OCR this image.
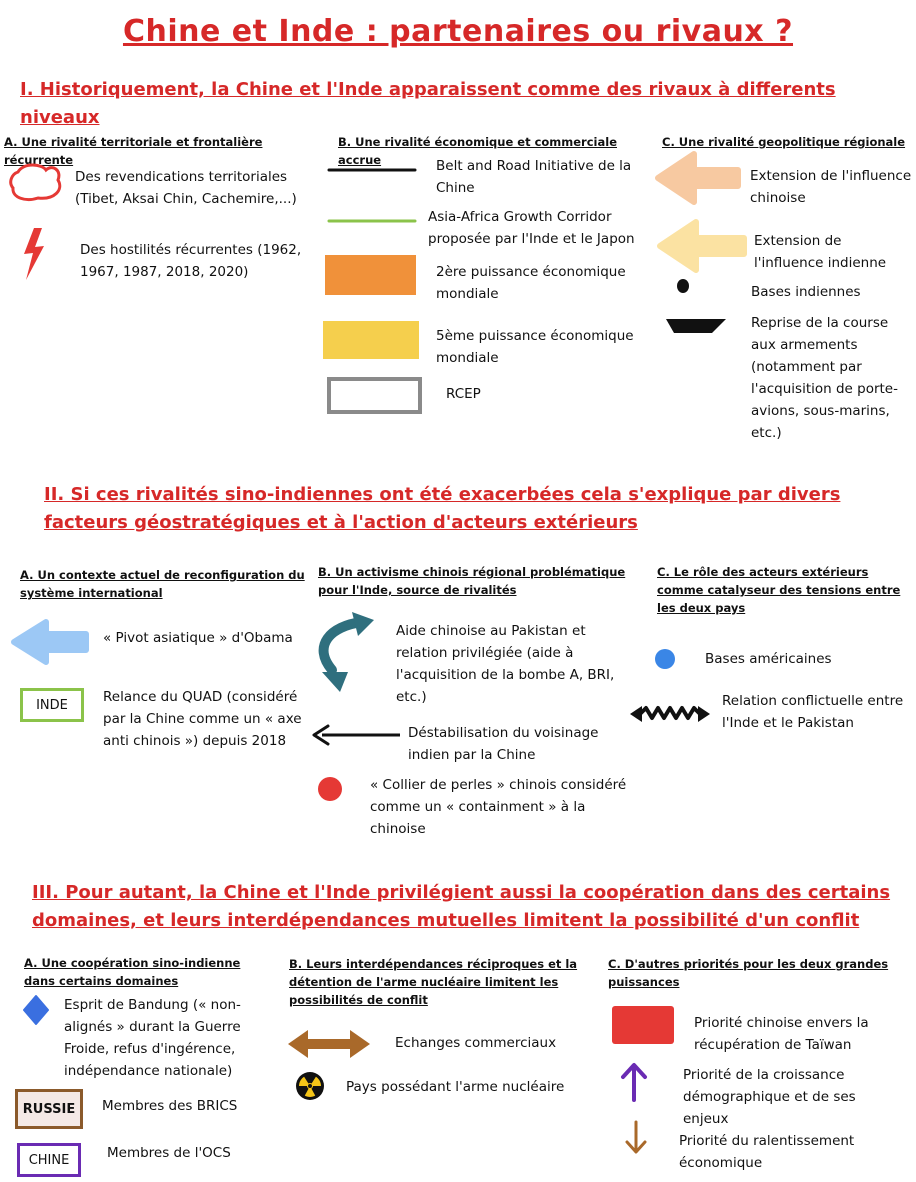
Chine et Inde : partenaires ou rivaux ?
I. Historiquement, la Chine et l'Inde apparaissent comme des rivaux à differents niveaux
A. Une rivalité territoriale et frontalière récurrente
B. Une rivalité économique et commerciale accrue
C. Une rivalité geopolitique régionale
Des revendications territoriales (Tibet, Aksai Chin, Cachemire,...)
Des hostilités récurrentes (1962, 1967, 1987, 2018, 2020)
Belt and Road Initiative de la Chine
Asia-Africa Growth Corridor proposée par l'Inde et le Japon
2ère puissance économique mondiale
5ème puissance économique mondiale
RCEP
Extension de l'influence chinoise
Extension de l'influence indienne
Bases indiennes
Reprise de la course aux armements (notamment par l'acquisition de porte-avions, sous-marins, etc.)
II. Si ces rivalités sino-indiennes ont été exacerbées cela s'explique par divers facteurs géostratégiques et à l'action d'acteurs extérieurs
A. Un contexte actuel de reconfiguration du système international
B. Un activisme chinois régional problématique pour l'Inde, source de rivalités
C. Le rôle des acteurs extérieurs comme catalyseur des tensions entre les deux pays
« Pivot asiatique » d'Obama
INDE	Relance du QUAD (considéré par la Chine comme un « axe anti chinois ») depuis 2018
Aide chinoise au Pakistan et relation privilégiée (aide à l'acquisition de la bombe A, BRI, etc.)
Déstabilisation du voisinage indien par la Chine
« Collier de perles » chinois considéré comme un « containment » à la chinoise
Bases américaines
Relation conflictuelle entre l'Inde et le Pakistan
III. Pour autant, la Chine et l'Inde privilégient aussi la coopération dans des certains domaines, et leurs interdépendances mutuelles limitent la possibilité d'un conflit
A. Une coopération sino-indienne dans certains domaines
B. Leurs interdépendances réciproques et la détention de l'arme nucléaire limitent les possibilités de conflit
C. D'autres priorités pour les deux grandes puissances
Esprit de Bandung (« non-alignés » durant la Guerre Froide, refus d'ingérence, indépendance nationale)
RUSSIE Membres des BRICS
CHINE	Membres de l'OCS
Echanges commerciaux
Pays possédant l'arme nucléaire
Priorité chinoise envers la récupération de Taïwan
Priorité de la croissance démographique et de ses enjeux
Priorité du ralentissement économique
